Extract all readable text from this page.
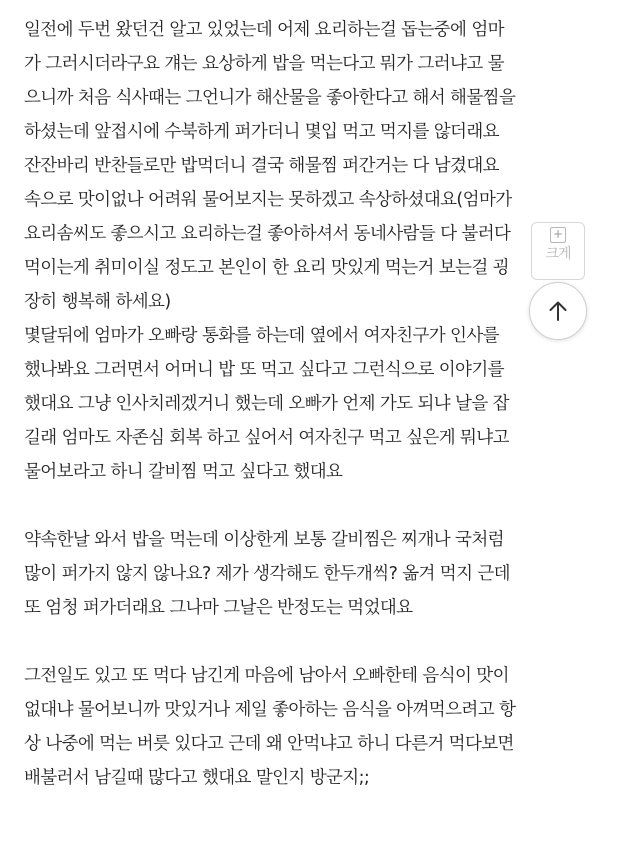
일전에 두번 왔던건 알고 있었는데 어제 요리하는걸 돕는중에 엄마
가 그러시더라구요 걔는 요상하게 밥을 먹는다고 뭐가 그러냐고 물
으니까 처음 식사때는 그언니가 해산물을 좋아한다고 해서 해물찜을
하셨는데 앞접시에 수북하게 퍼가더니 몇입 먹고 먹지를 않더래요
잔잔바리 반찬들로만 밥먹더니 결국 해물찜 퍼간거는 다 남겼대요
속으로 맛이없나 어려워 물어보지는 못하겠고 속상하셨대요(엄마가
요리솜씨도 좋으시고 요리하는걸 좋아하셔서 동네사람들 다 불러다
먹이는게 취미이실 정도고 본인이 한 요리 맛있게 먹는거 보는걸 굉
장히 행복해 하세요)
몇달뒤에 엄마가 오빠랑 통화를 하는데 옆에서 여자친구가 인사를
했나봐요 그러면서 어머니 밥 또 먹고 싶다고 그런식으로 이야기를
했대요 그냥 인사치레겠거니 했는데 오빠가 언제 가도 되냐 날을 잡
길래 엄마도 자존심 회복 하고 싶어서 여자친구 먹고 싶은게 뭐냐고
물어보라고 하니 갈비찜 먹고 싶다고 했대요
약속한날 와서 밥을 먹는데 이상한게 보통 갈비찜은 찌개나 국처럼
많이 퍼가지 않지 않나요? 제가 생각해도 한두개씩? 옮겨 먹지 근데
또 엄청 퍼가더래요 그나마 그날은 반정도는 먹었대요
그전일도 있고 또 먹다 남긴게 마음에 남아서 오빠한테 음식이 맛이
없대냐 물어보니까 맛있거나 제일 좋아하는 음식을 아껴먹으려고 항
상 나중에 먹는 버릇 있다고 근데 왜 안먹냐고 하니 다른거 먹다보면
배불러서 남길때 많다고 했대요 말인지 방군지;;
+
크게
